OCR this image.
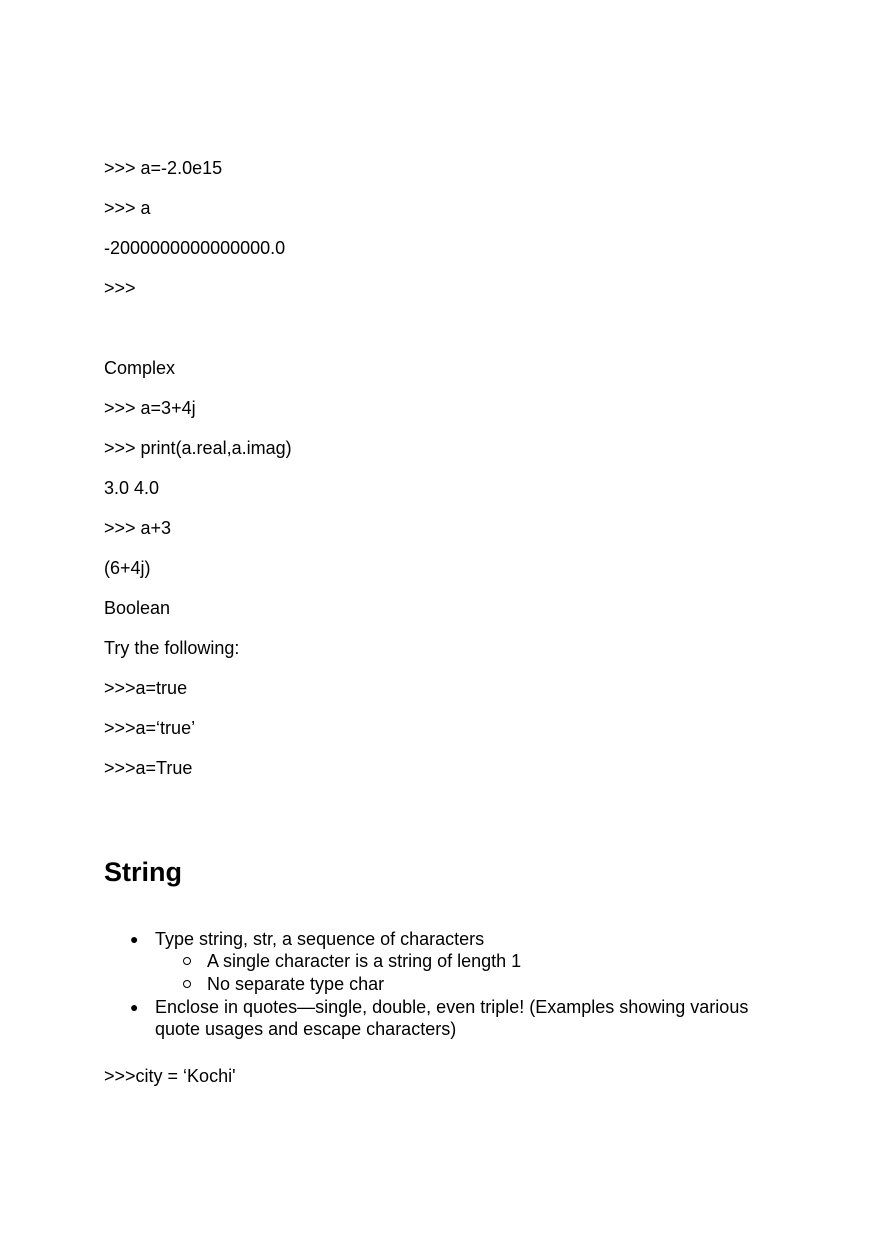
>>> a=-2.0e15
>>> a
-2000000000000000.0
>>>
Complex
>>> a=3+4j
>>> print(a.real,a.imag)
3.0 4.0
>>> a+3
(6+4j)
Boolean
Try the following:
>>>a=true
>>>a=‘true’
>>>a=True
String
● Type string, str, a sequence of characters
A single character is a string of length 1
No separate type char
● Enclose in quotes—single, double, even triple! (Examples showing various
quote usages and escape characters)
>>>city = ‘Kochi'
